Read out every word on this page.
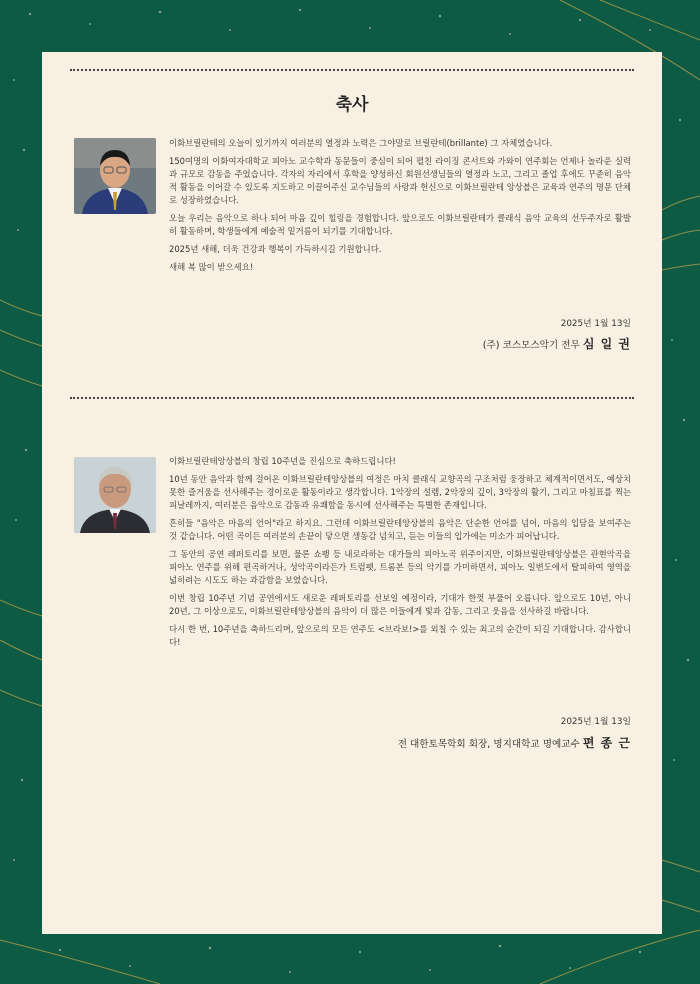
축사

이화브릴란테의 오늘이 있기까지 여러분의 열정과 노력은 그야말로 브릴란테(brillante) 그 자체였습니다.

150여명의 이화여자대학교 피아노 교수학과 동문들이 중심이 되어 펼친 라이징 콘서트와 가와이 연주회는 언제나 놀라운 실력과 규모로 감동을 주었습니다. 각자의 자리에서 후학을 양성하신 회원선생님들의 열정과 노고, 그리고 졸업 후에도 꾸준히 음악적 활동을 이어갈 수 있도록 지도하고 이끌어주신 교수님들의 사랑과 헌신으로 이화브릴란테 앙상블은 교육과 연주의 명문 단체로 성장하였습니다.

오늘 우리는 음악으로 하나 되어 마음 깊이 힐링을 경험합니다. 앞으로도 이화브릴란테가 클래식 음악 교육의 선두주자로 활발히 활동하며, 학생들에게 예술적 밑거름이 되기를 기대합니다.

2025년 새해, 더욱 건강과 행복이 가득하시길 기원합니다.

새해 복 많이 받으세요!

2025년 1월 13일
(주) 코스모스악기 전무 심 일 권

이화브릴란테앙상블의 창립 10주년을 진심으로 축하드립니다!

10년 동안 음악과 함께 걸어온 이화브릴란테앙상블의 여정은 마치 클래식 교향곡의 구조처럼 웅장하고 체계적이면서도, 예상치 못한 즐거움을 선사해주는 경이로운 활동이라고 생각합니다. 1악장의 설렘, 2악장의 깊이, 3악장의 활기, 그리고 마침표를 찍는 피날레까지, 여러분은 음악으로 감동과 유쾌함을 동시에 선사해주는 특별한 존재입니다.

흔히들 "음악은 마음의 언어"라고 하지요. 그런데 이화브릴란테앙상블의 음악은 단순한 언어를 넘어, 마음의 입담을 보여주는 것 같습니다. 어떤 곡이든 여러분의 손끝이 닿으면 생동감 넘치고, 듣는 이들의 입가에는 미소가 피어납니다.

그 동안의 공연 레퍼토리를 보면, 물론 쇼팽 등 내로라하는 대가들의 피아노곡 위주이지만, 이화브릴란테앙상블은 관현악곡을 피아노 연주를 위해 편곡하거나, 성악곡이라든가 트럼펫, 트롬본 등의 악기를 가미하면서, 피아노 일변도에서 탈피하여 영역을 넓히려는 시도도 하는 과감함을 보였습니다.

이번 창립 10주년 기념 공연에서도 새로운 레퍼토리를 선보일 예정이라, 기대가 한껏 부풀어 오릅니다. 앞으로도 10년, 아니 20년, 그 이상으로도, 이화브릴란테앙상블의 음악이 더 많은 이들에게 빛과 감동, 그리고 웃음을 선사하길 바랍니다.

다시 한 번, 10주년을 축하드리며, 앞으로의 모든 연주도 <브라보!>를 외칠 수 있는 최고의 순간이 되길 기대합니다. 감사합니다!

2025년 1월 13일
전 대한토목학회 회장, 명지대학교 명예교수 편 종 근
